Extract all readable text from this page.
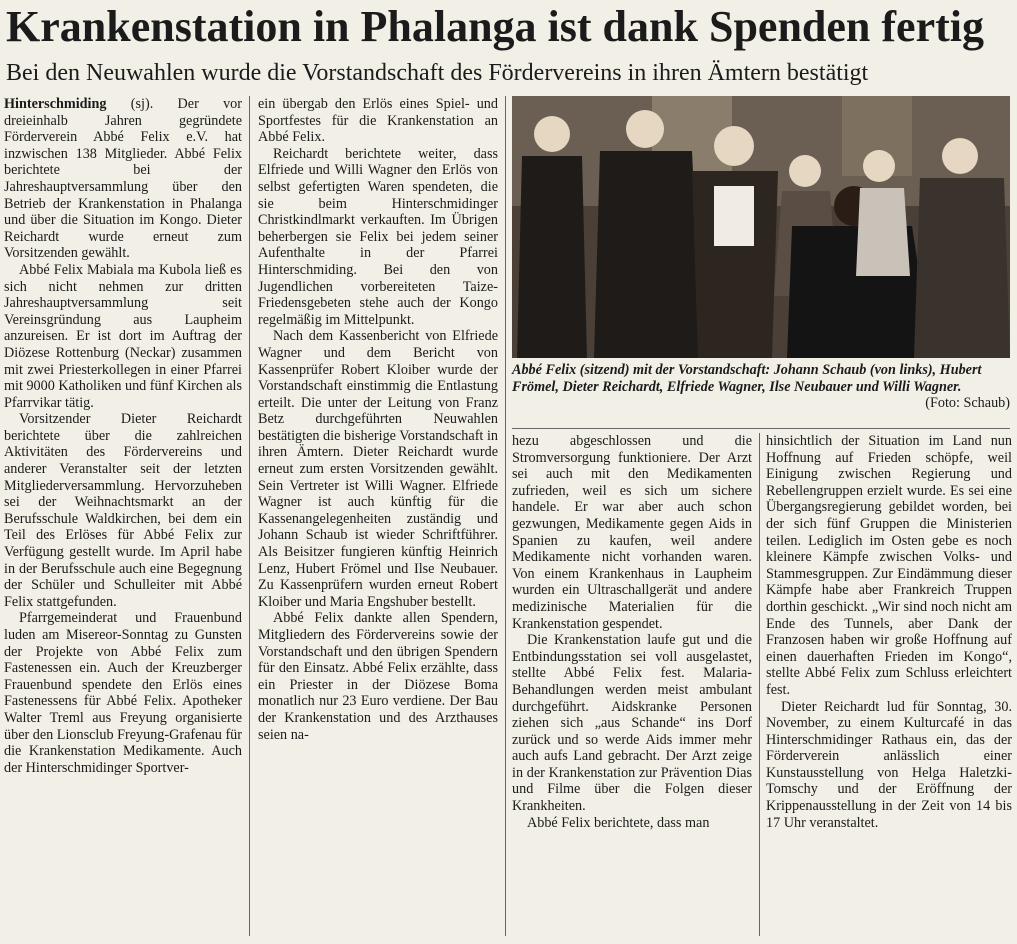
Krankenstation in Phalanga ist dank Spenden fertig
Bei den Neuwahlen wurde die Vorstandschaft des Fördervereins in ihren Ämtern bestätigt

Hinterschmiding (sj). Der vor dreieinhalb Jahren gegründete Förderverein Abbé Felix e.V. hat inzwischen 138 Mitglieder. Abbé Felix berichtete bei der Jahreshauptversammlung über den Betrieb der Krankenstation in Phalanga und über die Situation im Kongo. Dieter Reichardt wurde erneut zum Vorsitzenden gewählt.

Abbé Felix Mabiala ma Kubola ließ es sich nicht nehmen zur dritten Jahreshauptversammlung seit Vereinsgründung aus Laupheim anzureisen. Er ist dort im Auftrag der Diözese Rottenburg (Neckar) zusammen mit zwei Priesterkollegen in einer Pfarrei mit 9000 Katholiken und fünf Kirchen als Pfarrvikar tätig.

Vorsitzender Dieter Reichardt berichtete über die zahlreichen Aktivitäten des Fördervereins und anderer Veranstalter seit der letzten Mitgliederversammlung. Hervorzuheben sei der Weihnachtsmarkt an der Berufsschule Waldkirchen, bei dem ein Teil des Erlöses für Abbé Felix zur Verfügung gestellt wurde. Im April habe in der Berufsschule auch eine Begegnung der Schüler und Schulleiter mit Abbé Felix stattgefunden.

Pfarrgemeinderat und Frauenbund luden am Misereor-Sonntag zu Gunsten der Projekte von Abbé Felix zum Fastenessen ein. Auch der Kreuzberger Frauenbund spendete den Erlös eines Fastenessens für Abbé Felix. Apotheker Walter Treml aus Freyung organisierte über den Lionsclub Freyung-Grafenau für die Krankenstation Medikamente. Auch der Hinterschmidinger Sportver-

ein übergab den Erlös eines Spiel- und Sportfestes für die Krankenstation an Abbé Felix.

Reichardt berichtete weiter, dass Elfriede und Willi Wagner den Erlös von selbst gefertigten Waren spendeten, die sie beim Hinterschmidinger Christkindlmarkt verkauften. Im Übrigen beherbergen sie Felix bei jedem seiner Aufenthalte in der Pfarrei Hinterschmiding. Bei den von Jugendlichen vorbereiteten Taize-Friedensgebeten stehe auch der Kongo regelmäßig im Mittelpunkt.

Nach dem Kassenbericht von Elfriede Wagner und dem Bericht von Kassenprüfer Robert Kloiber wurde der Vorstandschaft einstimmig die Entlastung erteilt. Die unter der Leitung von Franz Betz durchgeführten Neuwahlen bestätigten die bisherige Vorstandschaft in ihren Ämtern. Dieter Reichardt wurde erneut zum ersten Vorsitzenden gewählt. Sein Vertreter ist Willi Wagner. Elfriede Wagner ist auch künftig für die Kassenangelegenheiten zuständig und Johann Schaub ist wieder Schriftführer. Als Beisitzer fungieren künftig Heinrich Lenz, Hubert Frömel und Ilse Neubauer. Zu Kassenprüfern wurden erneut Robert Kloiber und Maria Engshuber bestellt.

Abbé Felix dankte allen Spendern, Mitgliedern des Fördervereins sowie der Vorstandschaft und den übrigen Spendern für den Einsatz. Abbé Felix erzählte, dass ein Priester in der Diözese Boma monatlich nur 23 Euro verdiene. Der Bau der Krankenstation und des Arzthauses seien na-

Abbé Felix (sitzend) mit der Vorstandschaft: Johann Schaub (von links), Hubert Frömel, Dieter Reichardt, Elfriede Wagner, Ilse Neubauer und Willi Wagner.
(Foto: Schaub)

hezu abgeschlossen und die Stromversorgung funktioniere. Der Arzt sei auch mit den Medikamenten zufrieden, weil es sich um sichere handele. Er war aber auch schon gezwungen, Medikamente gegen Aids in Spanien zu kaufen, weil andere Medikamente nicht vorhanden waren. Von einem Krankenhaus in Laupheim wurden ein Ultraschallgerät und andere medizinische Materialien für die Krankenstation gespendet.

Die Krankenstation laufe gut und die Entbindungsstation sei voll ausgelastet, stellte Abbé Felix fest. Malaria-Behandlungen werden meist ambulant durchgeführt. Aidskranke Personen ziehen sich „aus Schande“ ins Dorf zurück und so werde Aids immer mehr auch aufs Land gebracht. Der Arzt zeige in der Krankenstation zur Prävention Dias und Filme über die Folgen dieser Krankheiten.

Abbé Felix berichtete, dass man

hinsichtlich der Situation im Land nun Hoffnung auf Frieden schöpfe, weil Einigung zwischen Regierung und Rebellengruppen erzielt wurde. Es sei eine Übergangsregierung gebildet worden, bei der sich fünf Gruppen die Ministerien teilen. Lediglich im Osten gebe es noch kleinere Kämpfe zwischen Volks- und Stammesgruppen. Zur Eindämmung dieser Kämpfe habe aber Frankreich Truppen dorthin geschickt. „Wir sind noch nicht am Ende des Tunnels, aber Dank der Franzosen haben wir große Hoffnung auf einen dauerhaften Frieden im Kongo“, stellte Abbé Felix zum Schluss erleichtert fest.

Dieter Reichardt lud für Sonntag, 30. November, zu einem Kulturcafé in das Hinterschmidinger Rathaus ein, das der Förderverein anlässlich einer Kunstausstellung von Helga Haletzki-Tomschy und der Eröffnung der Krippenausstellung in der Zeit von 14 bis 17 Uhr veranstaltet.
